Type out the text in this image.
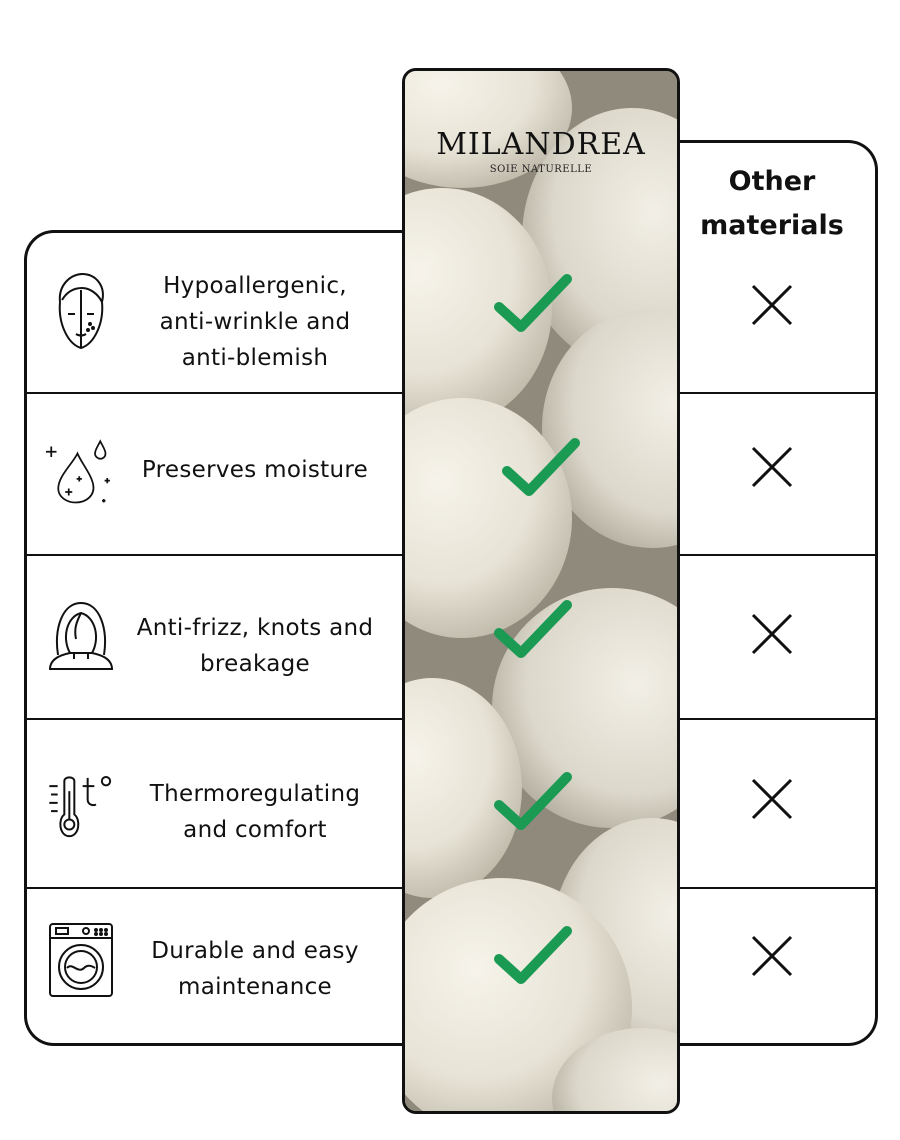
Other
materials
Hypoallergenic,
anti-wrinkle and
anti-blemish
Preserves moisture
Anti-frizz, knots and
breakage
Thermoregulating
and comfort
Durable and easy
maintenance
MILANDREA
SOIE NATURELLE
